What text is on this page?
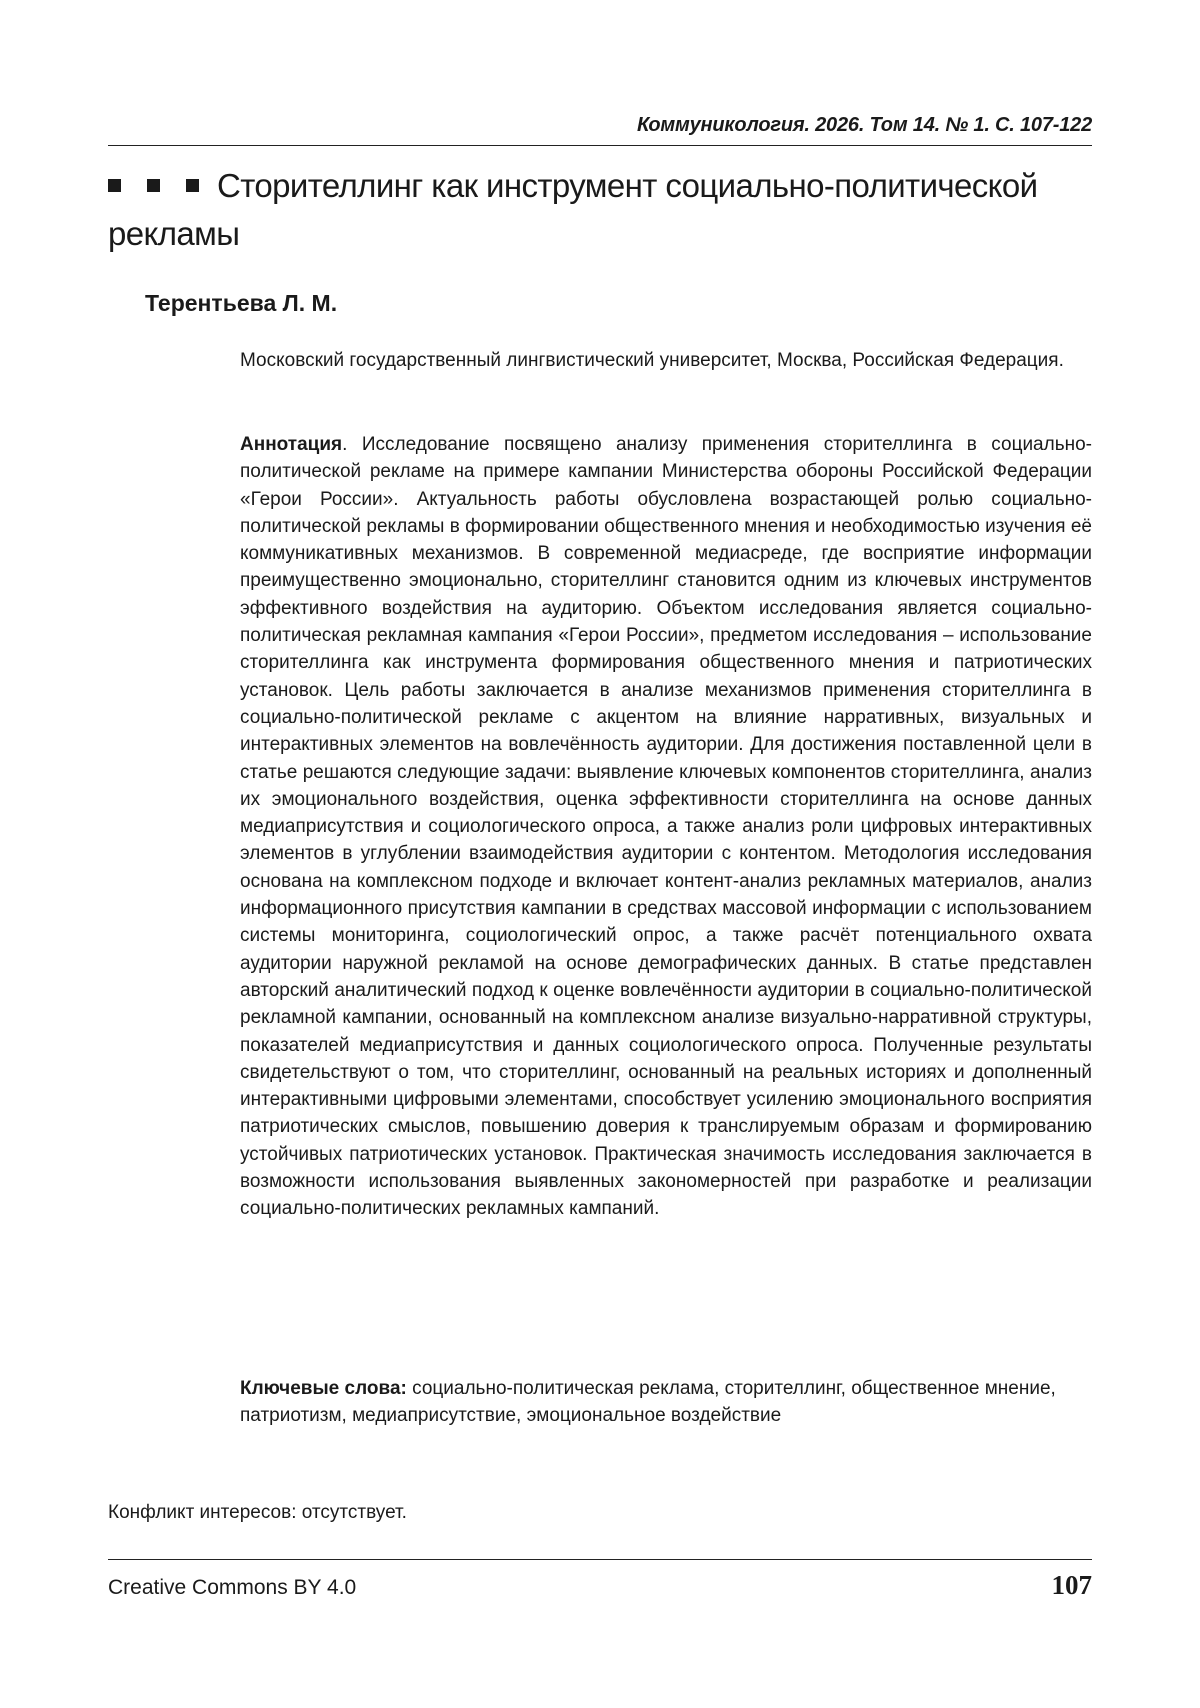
Коммуникология. 2026. Том 14. № 1. С. 107-122
Сторителлинг как инструмент социально-политической рекламы
Терентьева Л. М.

Московский государственный лингвистический университет, Москва, Российская Федерация.

Аннотация. Исследование посвящено анализу применения сторителлинга в социально-политической рекламе на примере кампании Министерства обороны Российской Федерации «Герои России». Актуальность работы обусловлена возрастающей ролью социально-политической рекламы в формировании общественного мнения и необходимостью изучения её коммуникативных механизмов. В современной медиасреде, где восприятие информации преимущественно эмоционально, сторителлинг становится одним из ключевых инструментов эффективного воздействия на аудиторию. Объектом исследования является социально-политическая рекламная кампания «Герои России», предметом исследования – использование сторителлинга как инструмента формирования общественного мнения и патриотических установок. Цель работы заключается в анализе механизмов применения сторителлинга в социально-политической рекламе с акцентом на влияние нарративных, визуальных и интерактивных элементов на вовлечённость аудитории. Для достижения поставленной цели в статье решаются следующие задачи: выявление ключевых компонентов сторителлинга, анализ их эмоционального воздействия, оценка эффективности сторителлинга на основе данных медиаприсутствия и социологического опроса, а также анализ роли цифровых интерактивных элементов в углублении взаимодействия аудитории с контентом. Методология исследования основана на комплексном подходе и включает контент-анализ рекламных материалов, анализ информационного присутствия кампании в средствах массовой информации с использованием системы мониторинга, социологический опрос, а также расчёт потенциального охвата аудитории наружной рекламой на основе демографических данных. В статье представлен авторский аналитический подход к оценке вовлечённости аудитории в социально-политической рекламной кампании, основанный на комплексном анализе визуально-нарративной структуры, показателей медиаприсутствия и данных социологического опроса. Полученные результаты свидетельствуют о том, что сторителлинг, основанный на реальных историях и дополненный интерактивными цифровыми элементами, способствует усилению эмоционального восприятия патриотических смыслов, повышению доверия к транслируемым образам и формированию устойчивых патриотических установок. Практическая значимость исследования заключается в возможности использования выявленных закономерностей при разработке и реализации социально-политических рекламных кампаний.

Ключевые слова: социально-политическая реклама, сторителлинг, общественное мнение, патриотизм, медиаприсутствие, эмоциональное воздействие

Конфликт интересов: отсутствует.

Creative Commons BY 4.0	107
